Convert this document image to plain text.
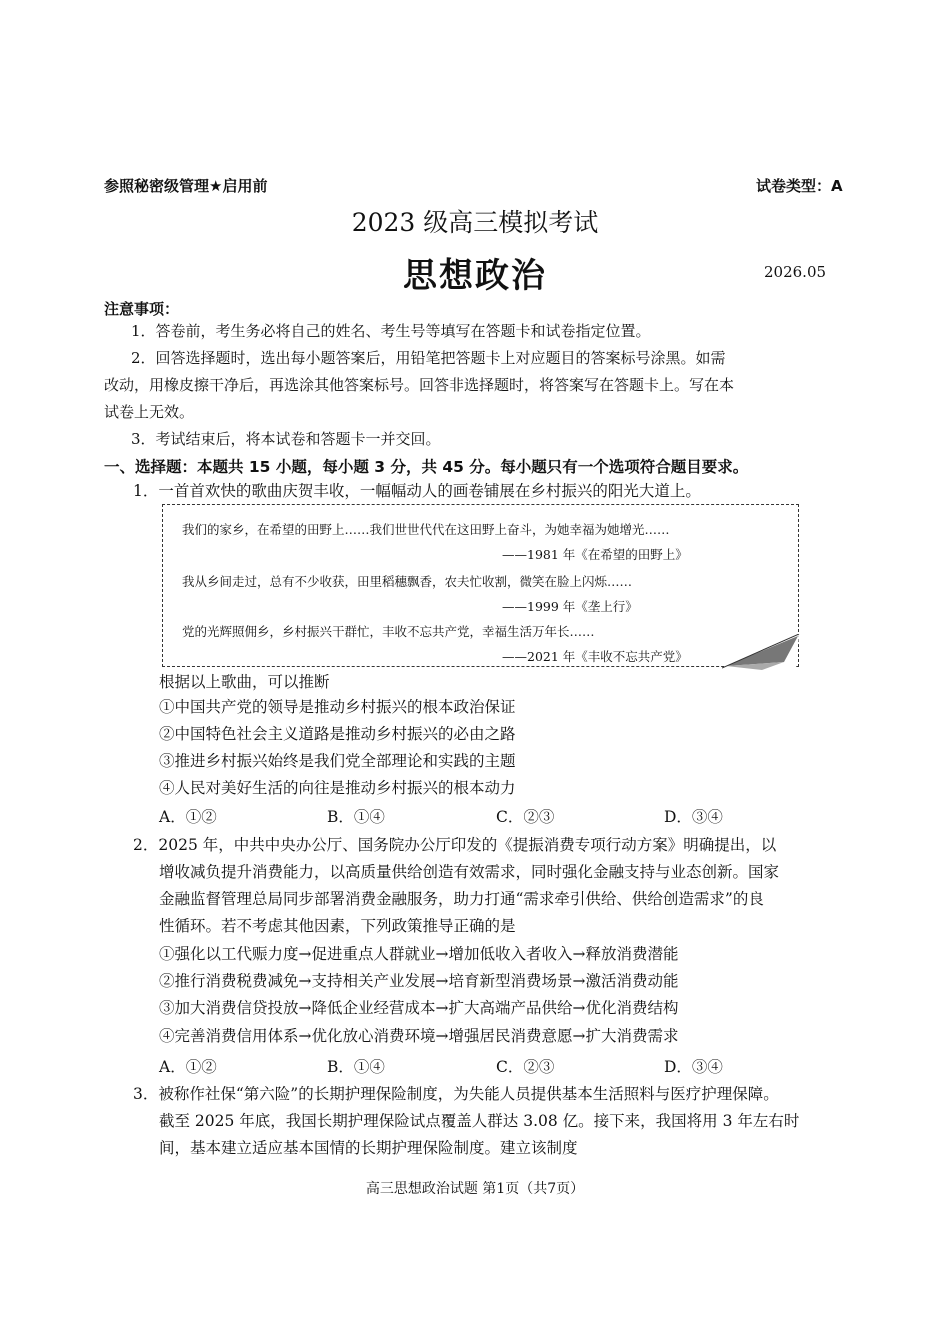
参照秘密级管理★启用前	试卷类型：A
2023 级高三模拟考试
思想政治	2026.05
注意事项：
1．答卷前，考生务必将自己的姓名、考生号等填写在答题卡和试卷指定位置。
2．回答选择题时，选出每小题答案后，用铅笔把答题卡上对应题目的答案标号涂黑。如需
改动，用橡皮擦干净后，再选涂其他答案标号。回答非选择题时，将答案写在答题卡上。写在本
试卷上无效。
3．考试结束后，将本试卷和答题卡一并交回。
一、选择题：本题共 15 小题，每小题 3 分，共 45 分。每小题只有一个选项符合题目要求。
1．一首首欢快的歌曲庆贺丰收，一幅幅动人的画卷铺展在乡村振兴的阳光大道上。
我们的家乡，在希望的田野上……我们世世代代在这田野上奋斗，为她幸福为她增光……
——1981 年《在希望的田野上》
我从乡间走过，总有不少收获，田里稻穗飘香，农夫忙收割，微笑在脸上闪烁……
——1999 年《垄上行》
党的光辉照佣乡，乡村振兴干群忙，丰收不忘共产党，幸福生活万年长……
——2021 年《丰收不忘共产党》
根据以上歌曲，可以推断
①中国共产党的领导是推动乡村振兴的根本政治保证
②中国特色社会主义道路是推动乡村振兴的必由之路
③推进乡村振兴始终是我们党全部理论和实践的主题
④人民对美好生活的向往是推动乡村振兴的根本动力
A．①②	B．①④	C．②③	D．③④
2．2025 年，中共中央办公厅、国务院办公厅印发的《提振消费专项行动方案》明确提出，以
增收减负提升消费能力，以高质量供给创造有效需求，同时强化金融支持与业态创新。国家
金融监督管理总局同步部署消费金融服务，助力打通“需求牵引供给、供给创造需求”的良
性循环。若不考虑其他因素，下列政策推导正确的是
①强化以工代赈力度→促进重点人群就业→增加低收入者收入→释放消费潜能
②推行消费税费减免→支持相关产业发展→培育新型消费场景→激活消费动能
③加大消费信贷投放→降低企业经营成本→扩大高端产品供给→优化消费结构
④完善消费信用体系→优化放心消费环境→增强居民消费意愿→扩大消费需求
A．①②	B．①④	C．②③	D．③④
3．被称作社保“第六险”的长期护理保险制度，为失能人员提供基本生活照料与医疗护理保障。
截至 2025 年底，我国长期护理保险试点覆盖人群达 3.08 亿。接下来，我国将用 3 年左右时
间，基本建立适应基本国情的长期护理保险制度。建立该制度
高三思想政治试题 第1页（共7页）
